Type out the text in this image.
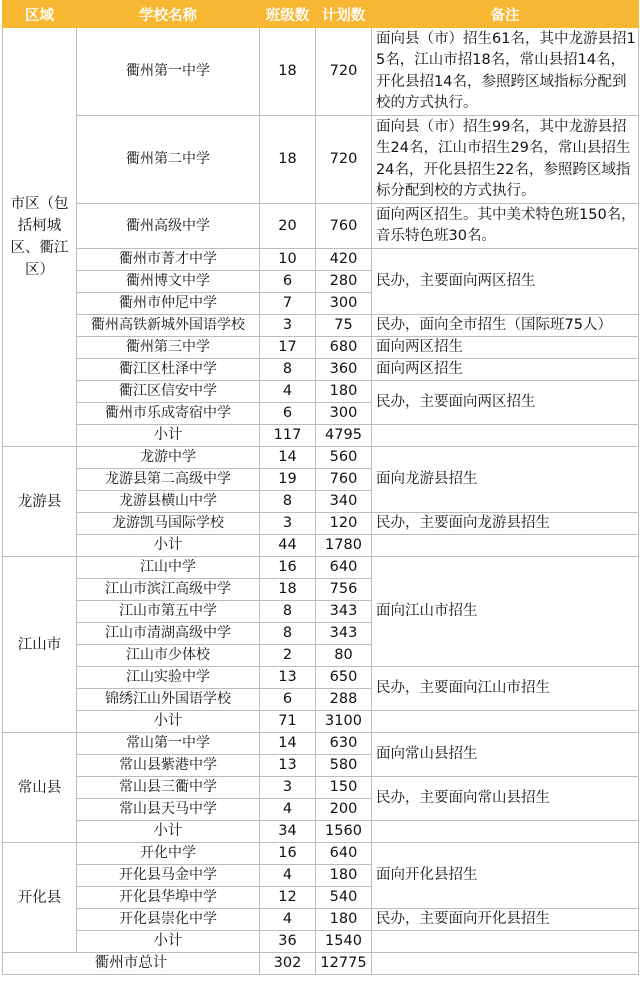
区域	学校名称	班级数	计划数	备注
市区（包括柯城区、衢江区）	衢州第一中学	18	720	面向县（市）招生61名，其中龙游县招15名，江山市招18名，常山县招14名，开化县招14名，参照跨区域指标分配到校的方式执行。
	衢州第二中学	18	720	面向县（市）招生99名，其中龙游县招生24名，江山市招生29名，常山县招生24名，开化县招生22名，参照跨区域指标分配到校的方式执行。
	衢州高级中学	20	760	面向两区招生。其中美术特色班150名，音乐特色班30名。
	衢州市菁才中学	10	420	民办，主要面向两区招生
	衢州博文中学	6	280	
	衢州市仲尼中学	7	300	
	衢州高铁新城外国语学校	3	75	民办，面向全市招生（国际班75人）
	衢州第三中学	17	680	面向两区招生
	衢江区杜泽中学	8	360	面向两区招生
	衢江区信安中学	4	180	民办，主要面向两区招生
	衢州市乐成寄宿中学	6	300	
	小计	117	4795	
龙游县	龙游中学	14	560	面向龙游县招生
	龙游县第二高级中学	19	760	
	龙游县横山中学	8	340	
	龙游凯马国际学校	3	120	民办，主要面向龙游县招生
	小计	44	1780	
江山市	江山中学	16	640	面向江山市招生
	江山市滨江高级中学	18	756	
	江山市第五中学	8	343	
	江山市清湖高级中学	8	343	
	江山市少体校	2	80	
	江山实验中学	13	650	民办，主要面向江山市招生
	锦绣江山外国语学校	6	288	
	小计	71	3100	
常山县	常山第一中学	14	630	面向常山县招生
	常山县紫港中学	13	580	
	常山县三衢中学	3	150	民办，主要面向常山县招生
	常山县天马中学	4	200	
	小计	34	1560	
开化县	开化中学	16	640	面向开化县招生
	开化县马金中学	4	180	
	开化县华埠中学	12	540	
	开化县崇化中学	4	180	民办，主要面向开化县招生
	小计	36	1540	
衢州市总计		302	12775	
